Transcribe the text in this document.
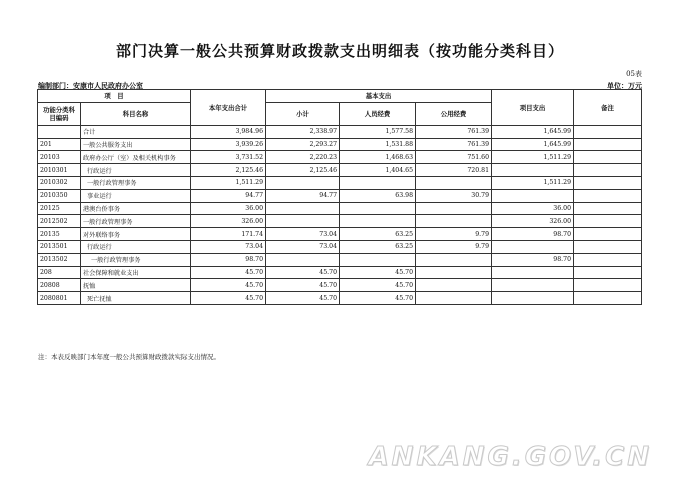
部门决算一般公共预算财政拨款支出明细表（按功能分类科目）
05表
编制部门：安康市人民政府办公室	单位：万元
项　目		本年支出合计	基本支出			项目支出	备注
功能分类科目编码	科目名称		小计	人员经费	公用经费		
	合计	3,984.96	2,338.97	1,577.58	761.39	1,645.99	
201	一般公共服务支出	3,939.26	2,293.27	1,531.88	761.39	1,645.99	
20103	政府办公厅（室）及相关机构事务	3,731.52	2,220.23	1,468.63	751.60	1,511.29	
2010301	行政运行	2,125.46	2,125.46	1,404.65	720.81		
2010302	一般行政管理事务	1,511.29				1,511.29	
2010350	事业运行	94.77	94.77	63.98	30.79		
20125	港澳台侨事务	36.00				36.00	
2012502	一般行政管理事务	326.00				326.00	
20135	对外联络事务	171.74	73.04	63.25	9.79	98.70	
2013501	行政运行	73.04	73.04	63.25	9.79		
2013502	一般行政管理事务	98.70				98.70	
208	社会保障和就业支出	45.70	45.70	45.70			
20808	抚恤	45.70	45.70	45.70			
2080801	死亡抚恤	45.70	45.70	45.70			
注：本表反映部门本年度一般公共预算财政拨款实际支出情况。
ANKANG.GOV.CN
